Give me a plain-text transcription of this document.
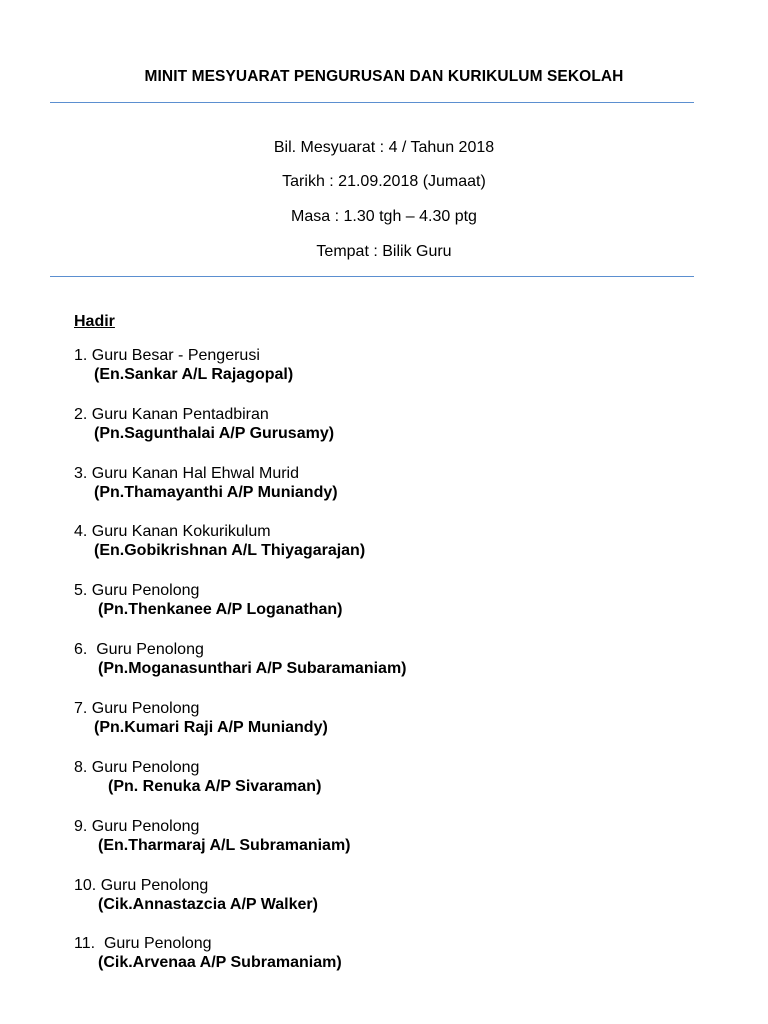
MINIT MESYUARAT PENGURUSAN DAN KURIKULUM SEKOLAH
Bil. Mesyuarat : 4 / Tahun 2018
Tarikh : 21.09.2018 (Jumaat)
Masa : 1.30 tgh – 4.30 ptg
Tempat : Bilik Guru
Hadir
1. Guru Besar - Pengerusi
(En.Sankar A/L Rajagopal)
2. Guru Kanan Pentadbiran
(Pn.Sagunthalai A/P Gurusamy)
3. Guru Kanan Hal Ehwal Murid
(Pn.Thamayanthi A/P Muniandy)
4. Guru Kanan Kokurikulum
(En.Gobikrishnan A/L Thiyagarajan)
5. Guru Penolong
(Pn.Thenkanee A/P Loganathan)
6.  Guru Penolong
(Pn.Moganasunthari A/P Subaramaniam)
7. Guru Penolong
(Pn.Kumari Raji A/P Muniandy)
8. Guru Penolong
(Pn. Renuka A/P Sivaraman)
9. Guru Penolong
(En.Tharmaraj A/L Subramaniam)
10. Guru Penolong
(Cik.Annastazcia A/P Walker)
11.  Guru Penolong
(Cik.Arvenaa A/P Subramaniam)
